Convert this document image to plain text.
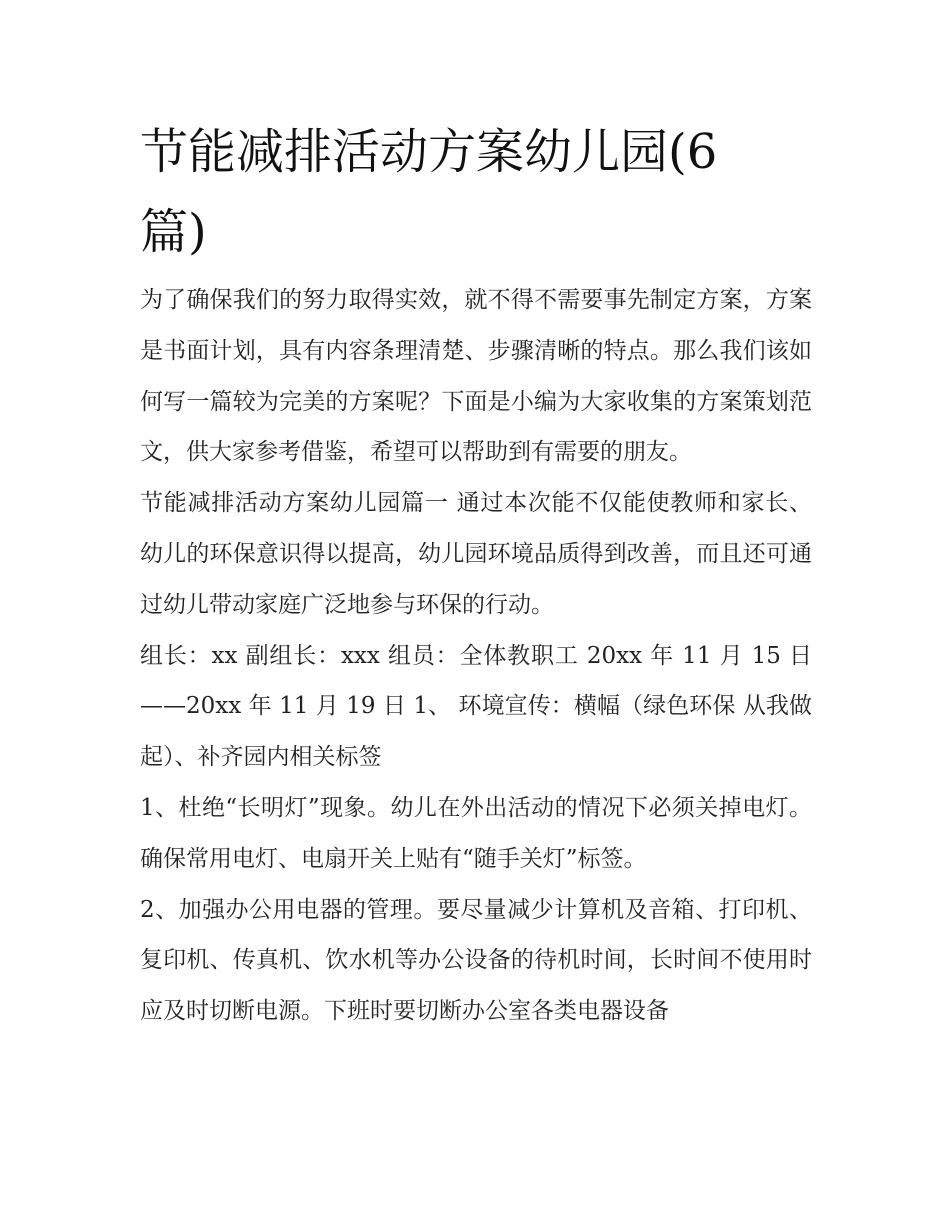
节能减排活动方案幼儿园(6篇)

为了确保我们的努力取得实效，就不得不需要事先制定方案，方案是书面计划，具有内容条理清楚、步骤清晰的特点。那么我们该如何写一篇较为完美的方案呢？下面是小编为大家收集的方案策划范文，供大家参考借鉴，希望可以帮助到有需要的朋友。

节能减排活动方案幼儿园篇一 通过本次能不仅能使教师和家长、幼儿的环保意识得以提高，幼儿园环境品质得到改善，而且还可通过幼儿带动家庭广泛地参与环保的行动。

组长：xx 副组长：xxx 组员：全体教职工 20xx 年 11 月 15 日——20xx 年 11 月 19 日 1、 环境宣传：横幅（绿色环保 从我做起）、补齐园内相关标签

1、杜绝“长明灯”现象。幼儿在外出活动的情况下必须关掉电灯。确保常用电灯、电扇开关上贴有“随手关灯”标签。

2、加强办公用电器的管理。要尽量减少计算机及音箱、打印机、复印机、传真机、饮水机等办公设备的待机时间，长时间不使用时应及时切断电源。下班时要切断办公室各类电器设备
